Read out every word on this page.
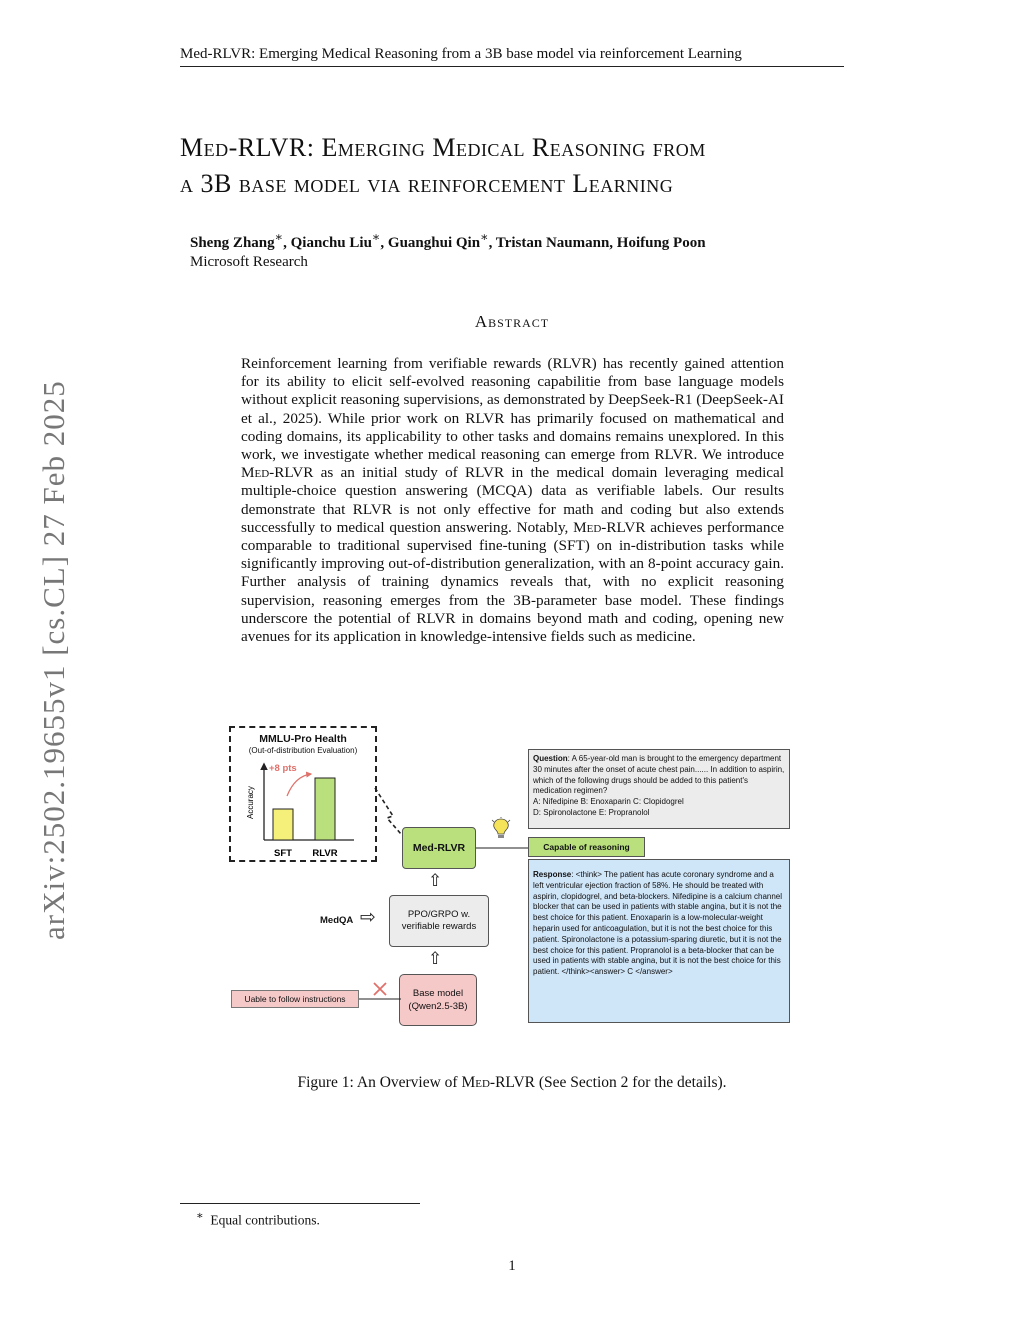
Med-RLVR: Emerging Medical Reasoning from a 3B base model via reinforcement Learning
Med-RLVR: Emerging Medical Reasoning from
a 3B base model via reinforcement Learning
Sheng Zhang∗, Qianchu Liu∗, Guanghui Qin∗, Tristan Naumann, Hoifung Poon
Microsoft Research
Abstract
Reinforcement learning from verifiable rewards (RLVR) has recently gained attention for its ability to elicit self-evolved reasoning capabilitie from base language models without explicit reasoning supervisions, as demonstrated by DeepSeek-R1 (DeepSeek-AI et al., 2025). While prior work on RLVR has primarily focused on mathematical and coding domains, its applicability to other tasks and domains remains unexplored. In this work, we investigate whether medical reasoning can emerge from RLVR. We introduce Med-RLVR as an initial study of RLVR in the medical domain leveraging medical multiple-choice question answering (MCQA) data as verifiable labels. Our results demonstrate that RLVR is not only effective for math and coding but also extends successfully to medical question answering. Notably, Med-RLVR achieves performance comparable to traditional supervised fine-tuning (SFT) on in-distribution tasks while significantly improving out-of-distribution generalization, with an 8-point accuracy gain. Further analysis of training dynamics reveals that, with no explicit reasoning supervision, reasoning emerges from the 3B-parameter base model. These findings underscore the potential of RLVR in domains beyond math and coding, opening new avenues for its application in knowledge-intensive fields such as medicine.
arXiv:2502.19655v1 [cs.CL] 27 Feb 2025	MMLU-Pro Health
(Out-of-distribution Evaluation)
SFT RLVR
+8 pts
Accuracy
Med-RLVR
⇧
⇧
PPO/GRPO w.
verifiable rewards
MedQA ⇨
Base model
(Qwen2.5-3B)
Uable to follow instructions
Capable of reasoning
Question: A 65-year-old man is brought to the emergency department 30 minutes after the onset of acute chest pain...... In addition to aspirin, which of the following drugs should be added to this patient's medication regimen?
A: Nifedipine B: Enoxaparin C: Clopidogrel
D: Spironolactone E: Propranolol
Response: <think> The patient has acute coronary syndrome and a left ventricular ejection fraction of 58%. He should be treated with aspirin, clopidogrel, and beta-blockers. Nifedipine is a calcium channel blocker that can be used in patients with stable angina, but it is not the best choice for this patient. Enoxaparin is a low-molecular-weight heparin used for anticoagulation, but it is not the best choice for this patient. Spironolactone is a potassium-sparing diuretic, but it is not the best choice for this patient. Propranolol is a beta-blocker that can be used in patients with stable angina, but it is not the best choice for this patient. </think><answer> C </answer>
Figure 1: An Overview of Med-RLVR (See Section 2 for the details).
∗ Equal contributions.
1
